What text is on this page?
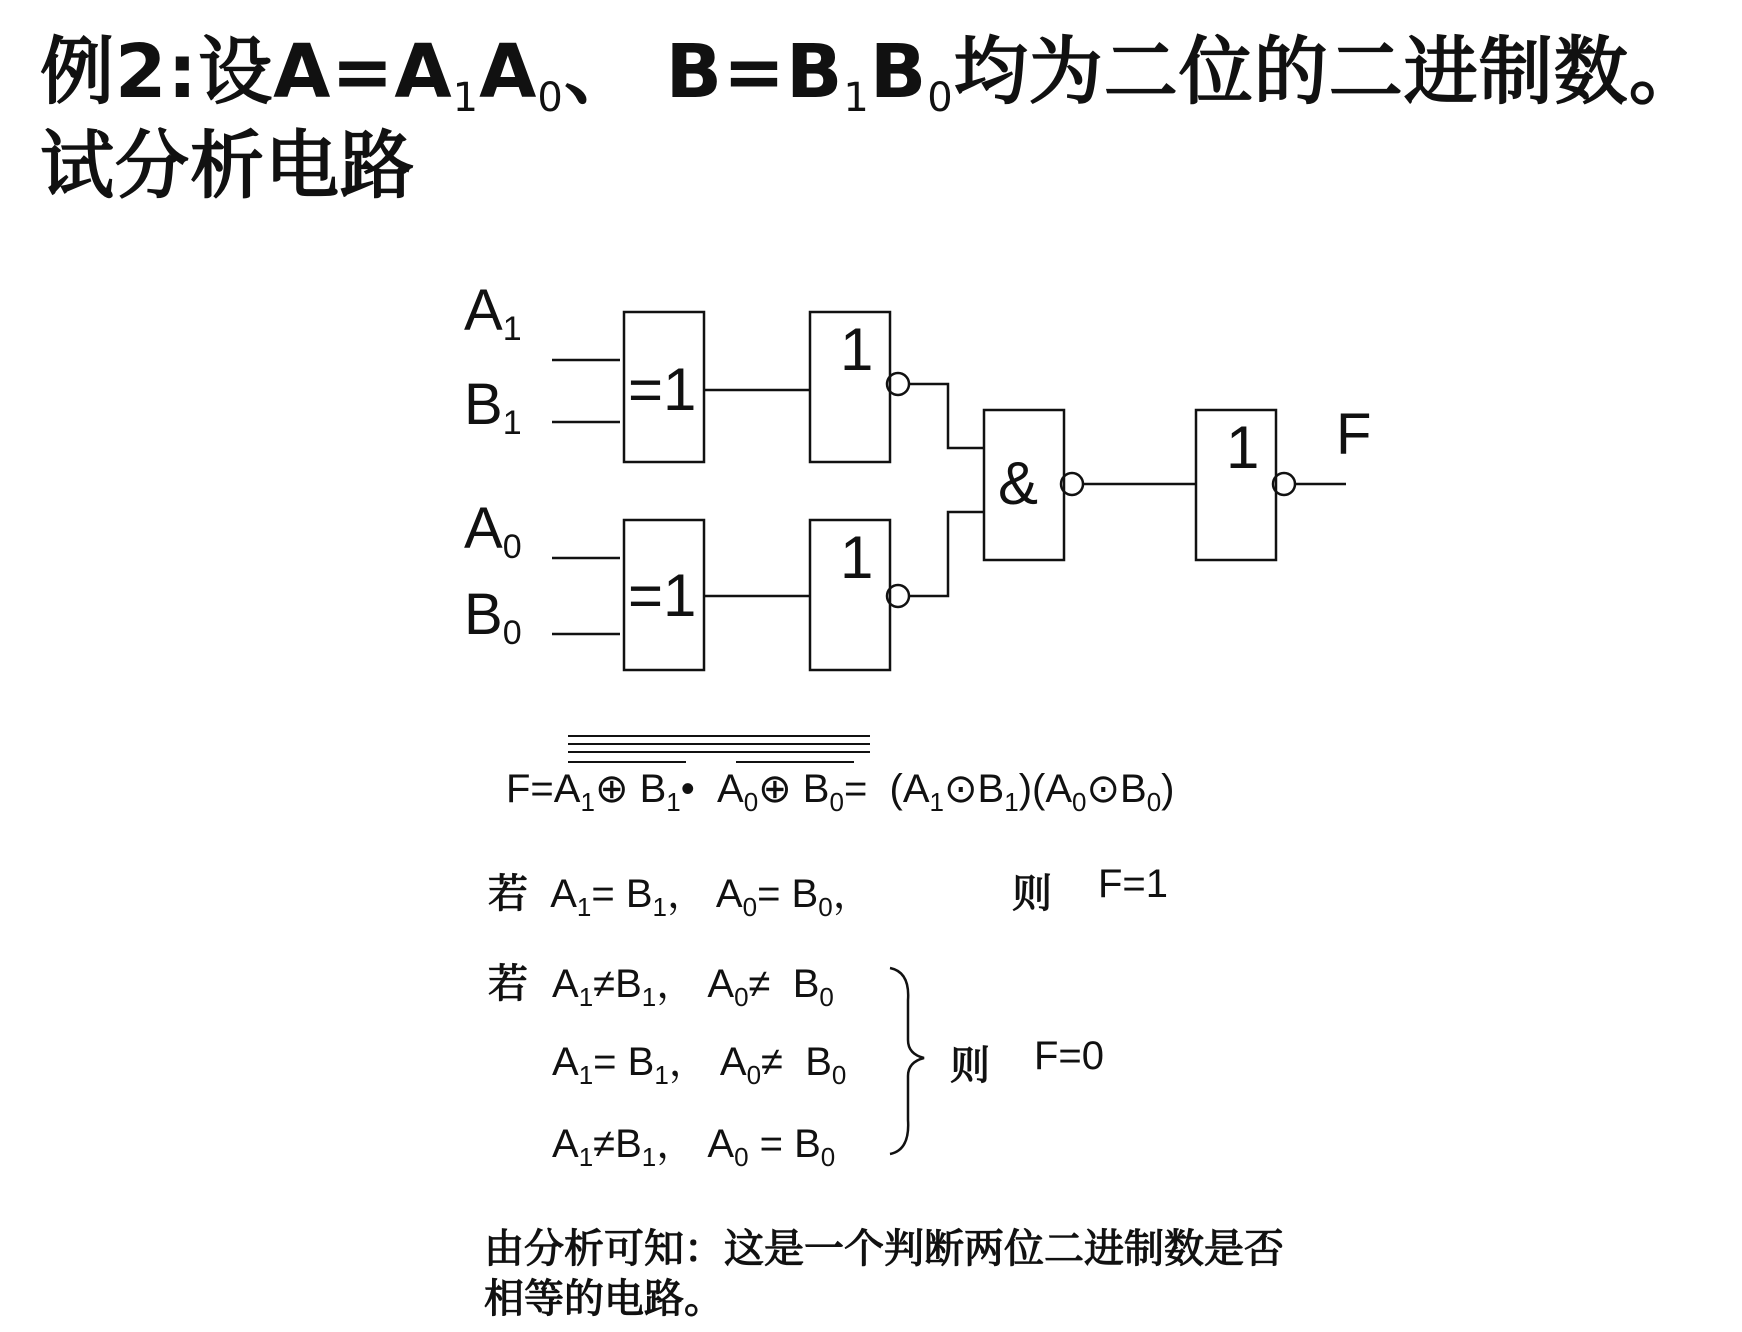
例2:设$A=A_1A_0$、 $B=B_1B_0$均为二位的二进制数。
试分析电路
A1
B1
A0
B0
=1
=1
1
1
&
1 F
$F=A_1\oplus$ $B_1•$ $A_0\oplus$ $B_0=$ $(A_1⊙B_1)(A_0⊙B_0)$
若 $A_1= B_1$， $A_0= B_0$，	则 F=1
若 $A_1\ne B_1$， $A_0\ne B_0$
$A_1= B_1$， $A_0\ne B_0$
$A_1\ne B_1$， $A_0 = B_0$
则 F=0
由分析可知：这是一个判断两位二进制数是否
相等的电路。
